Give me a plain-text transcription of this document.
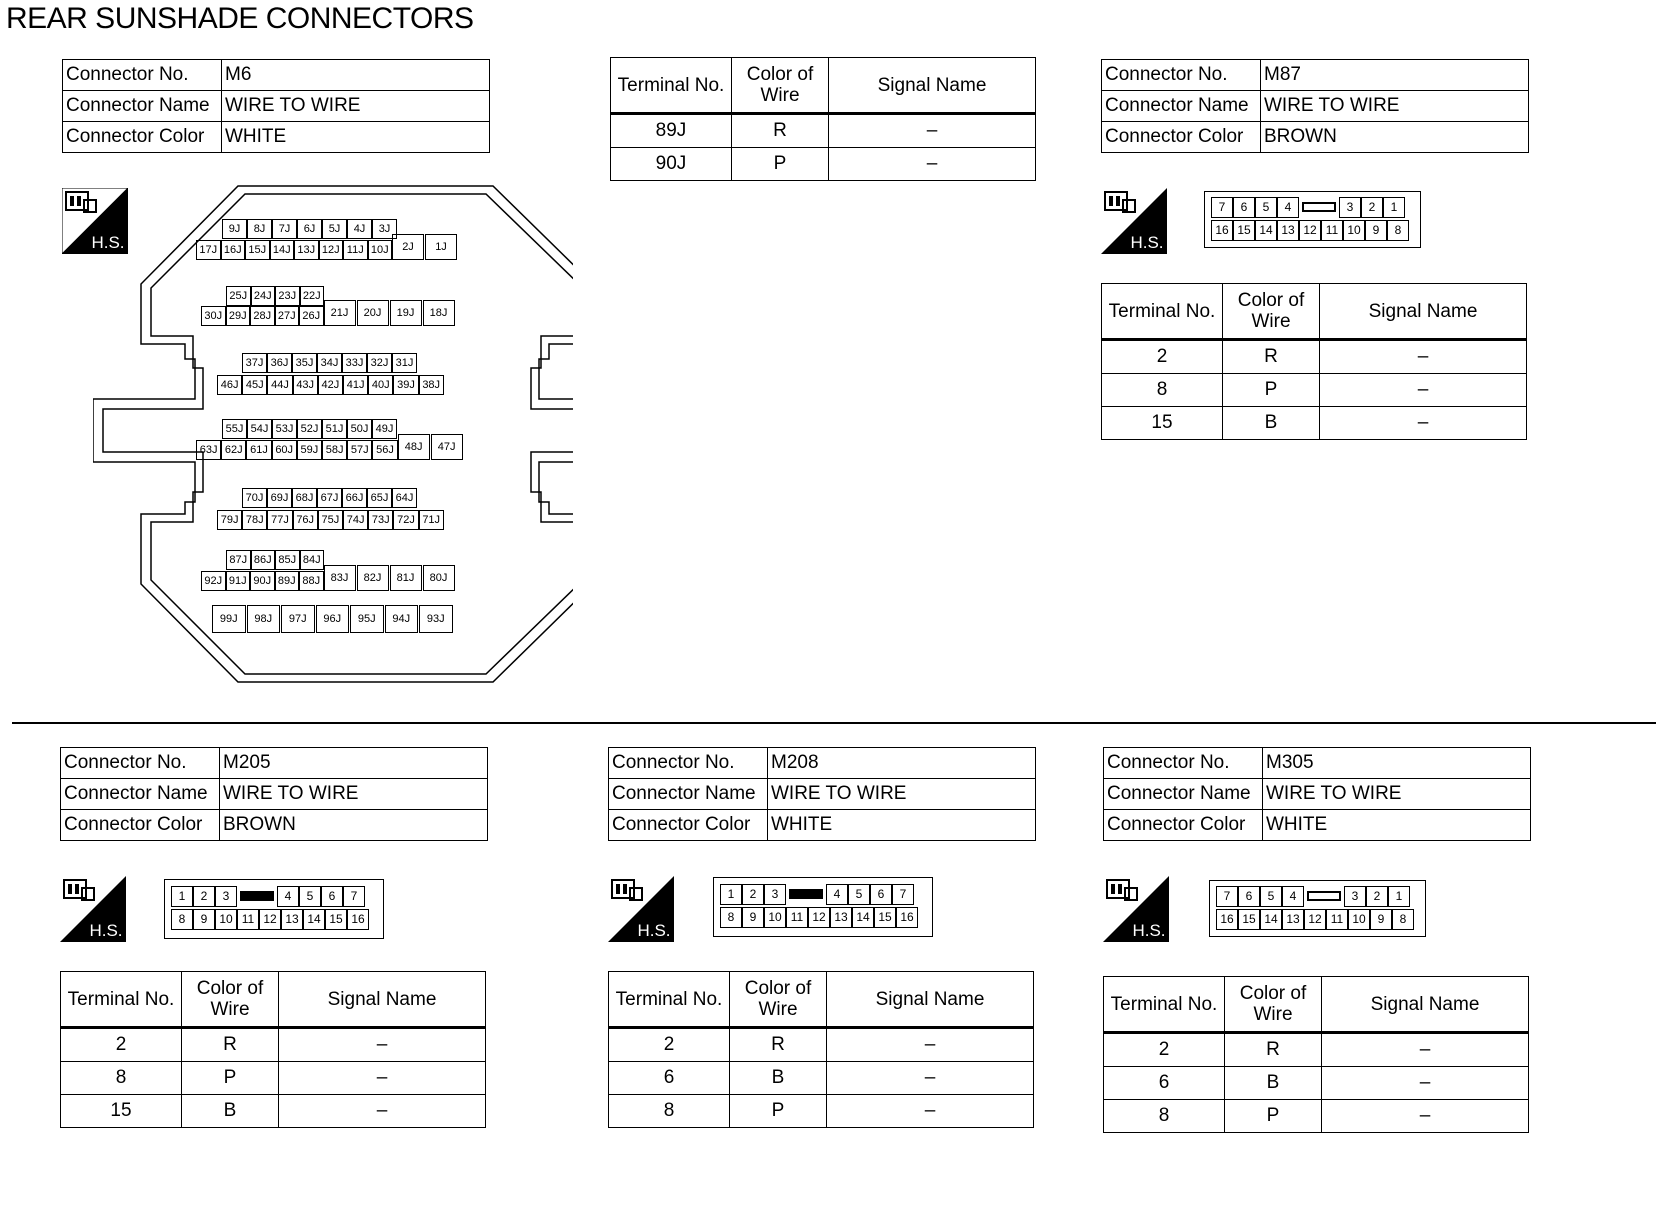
REAR SUNSHADE CONNECTORS
Connector No.	M6
Connector Name	WIRE TO WIRE
Connector Color	WHITE
Terminal No.	Color of
Wire	Signal Name
89J	R	–
90J	P	–
H.S.
9J	8J	7J	6J	5J	4J	3J
17J 16J 15J 14J 13J 12J 11J 10J	2J	1J
25J 24J 23J 22J
30J 29J 28J 27J 26J 21J	20J	19J	18J
37J 36J 35J 34J 33J 32J 31J
46J 45J 44J 43J 42J 41J 40J 39J 38J
55J 54J 53J 52J 51J 50J 49J
63J 62J 61J 60J 59J 58J 57J 56J 48J	47J
70J 69J 68J 67J 66J 65J 64J
79J 78J 77J 76J 75J 74J 73J 72J 71J
87J 86J 85J 84J
92J 91J 90J 89J 88J 83J	82J	81J	80J
99J	98J	97J	96J	95J	94J	93J
Connector No.	M87
Connector Name	WIRE TO WIRE
Connector Color	BROWN
H.S.
7	6	5	4	3	2	1
16 15 14 13 12 11 10 9	8
Terminal No.	Color of
Wire	Signal Name
2	R	–
8	P	–
15	B	–
Connector No.	M205
Connector Name	WIRE TO WIRE
Connector Color	BROWN
H.S.
1	2	3	4	5	6	7
8	9 10 11 12 13 14 15 16
Terminal No.	Color of
Wire	Signal Name
2	R	–
8	P	–
15	B	–
Connector No.	M208
Connector Name	WIRE TO WIRE
Connector Color	WHITE
H.S.
1	2	3	4	5	6	7
8	9 10 11 12 13 14 15 16
Terminal No.	Color of
Wire	Signal Name
2	R	–
6	B	–
8	P	–
Connector No.	M305
Connector Name	WIRE TO WIRE
Connector Color	WHITE
H.S.
7	6	5	4	3	2	1
16 15 14 13 12 11 10 9	8
Terminal No.	Color of
Wire	Signal Name
2	R	–
6	B	–
8	P	–
